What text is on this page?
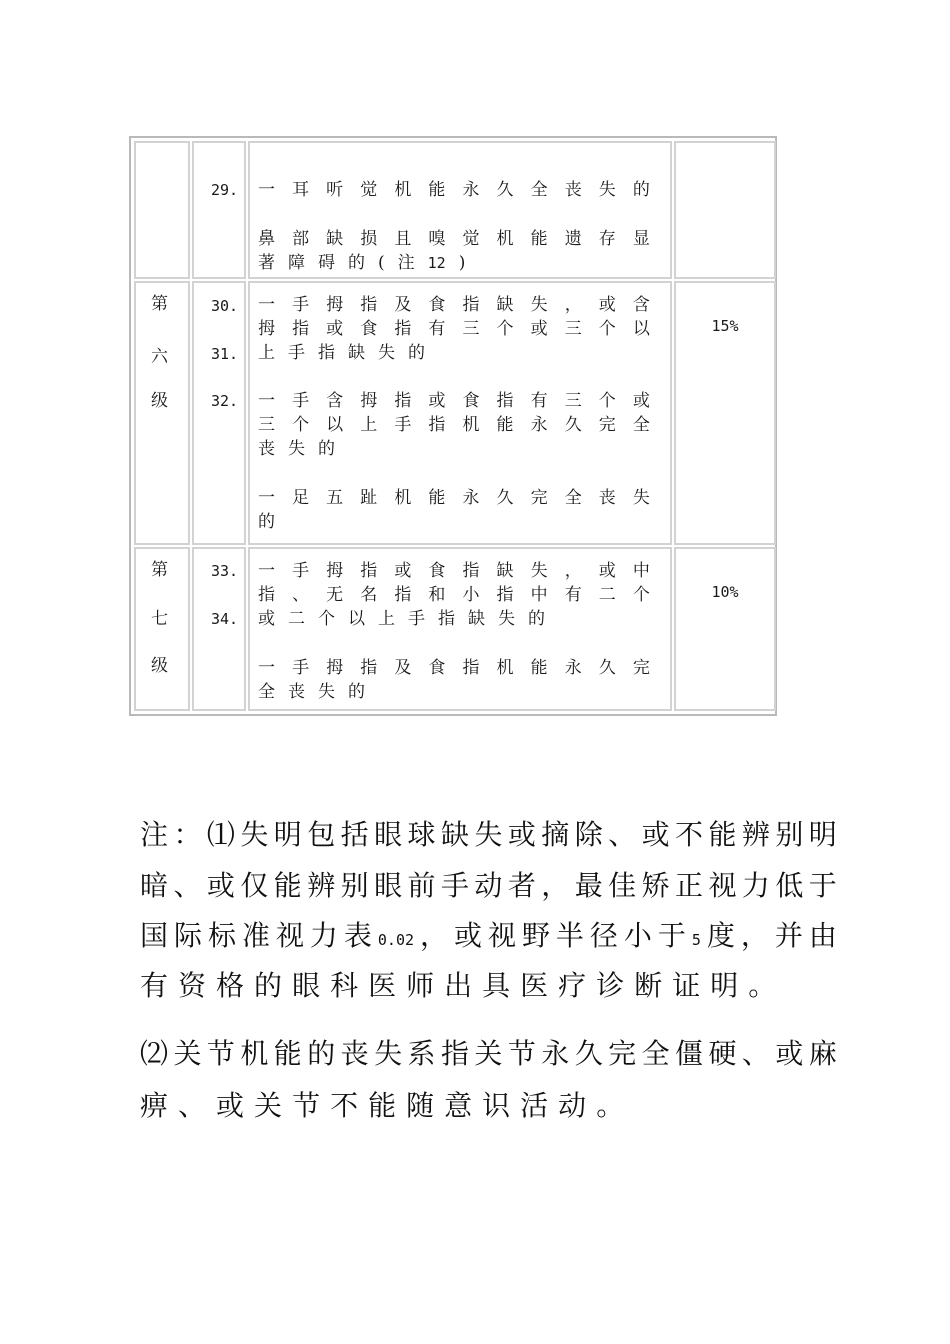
29. 一 耳 听 觉 机 能 永 久 全 丧 失 的
鼻 部 缺 损 且 嗅 觉 机 能 遗 存 显
著 障 碍 的 ( 注 12 )
第
六
级
30.
31.
32.
一 手 拇 指 及 食 指 缺 失 ， 或 含
拇 指 或 食 指 有 三 个 或 三 个 以
上 手 指 缺 失 的
一 手 含 拇 指 或 食 指 有 三 个 或
三 个 以 上 手 指 机 能 永 久 完 全
丧 失 的
一 足 五 趾 机 能 永 久 完 全 丧 失
的
15%
第
七
级
33.
34.
一 手 拇 指 或 食 指 缺 失 ， 或 中
指 、 无 名 指 和 小 指 中 有 二 个
或 二 个 以 上 手 指 缺 失 的
一 手 拇 指 及 食 指 机 能 永 久 完
全 丧 失 的
10%
注 ： ⑴ 失 明 包 括 眼 球 缺 失 或 摘 除 、 或 不 能 辨 别 明
暗 、 或 仅 能 辨 别 眼 前 手 动 者 ， 最 佳 矫 正 视 力 低 于
国 际 标 准 视 力 表 0.02 ， 或 视 野 半 径 小 于 5 度 ， 并 由
有 资 格 的 眼 科 医 师 出 具 医 疗 诊 断 证 明 。
⑵ 关 节 机 能 的 丧 失 系 指 关 节 永 久 完 全 僵 硬 、 或 麻
痹 、 或 关 节 不 能 随 意 识 活 动 。
